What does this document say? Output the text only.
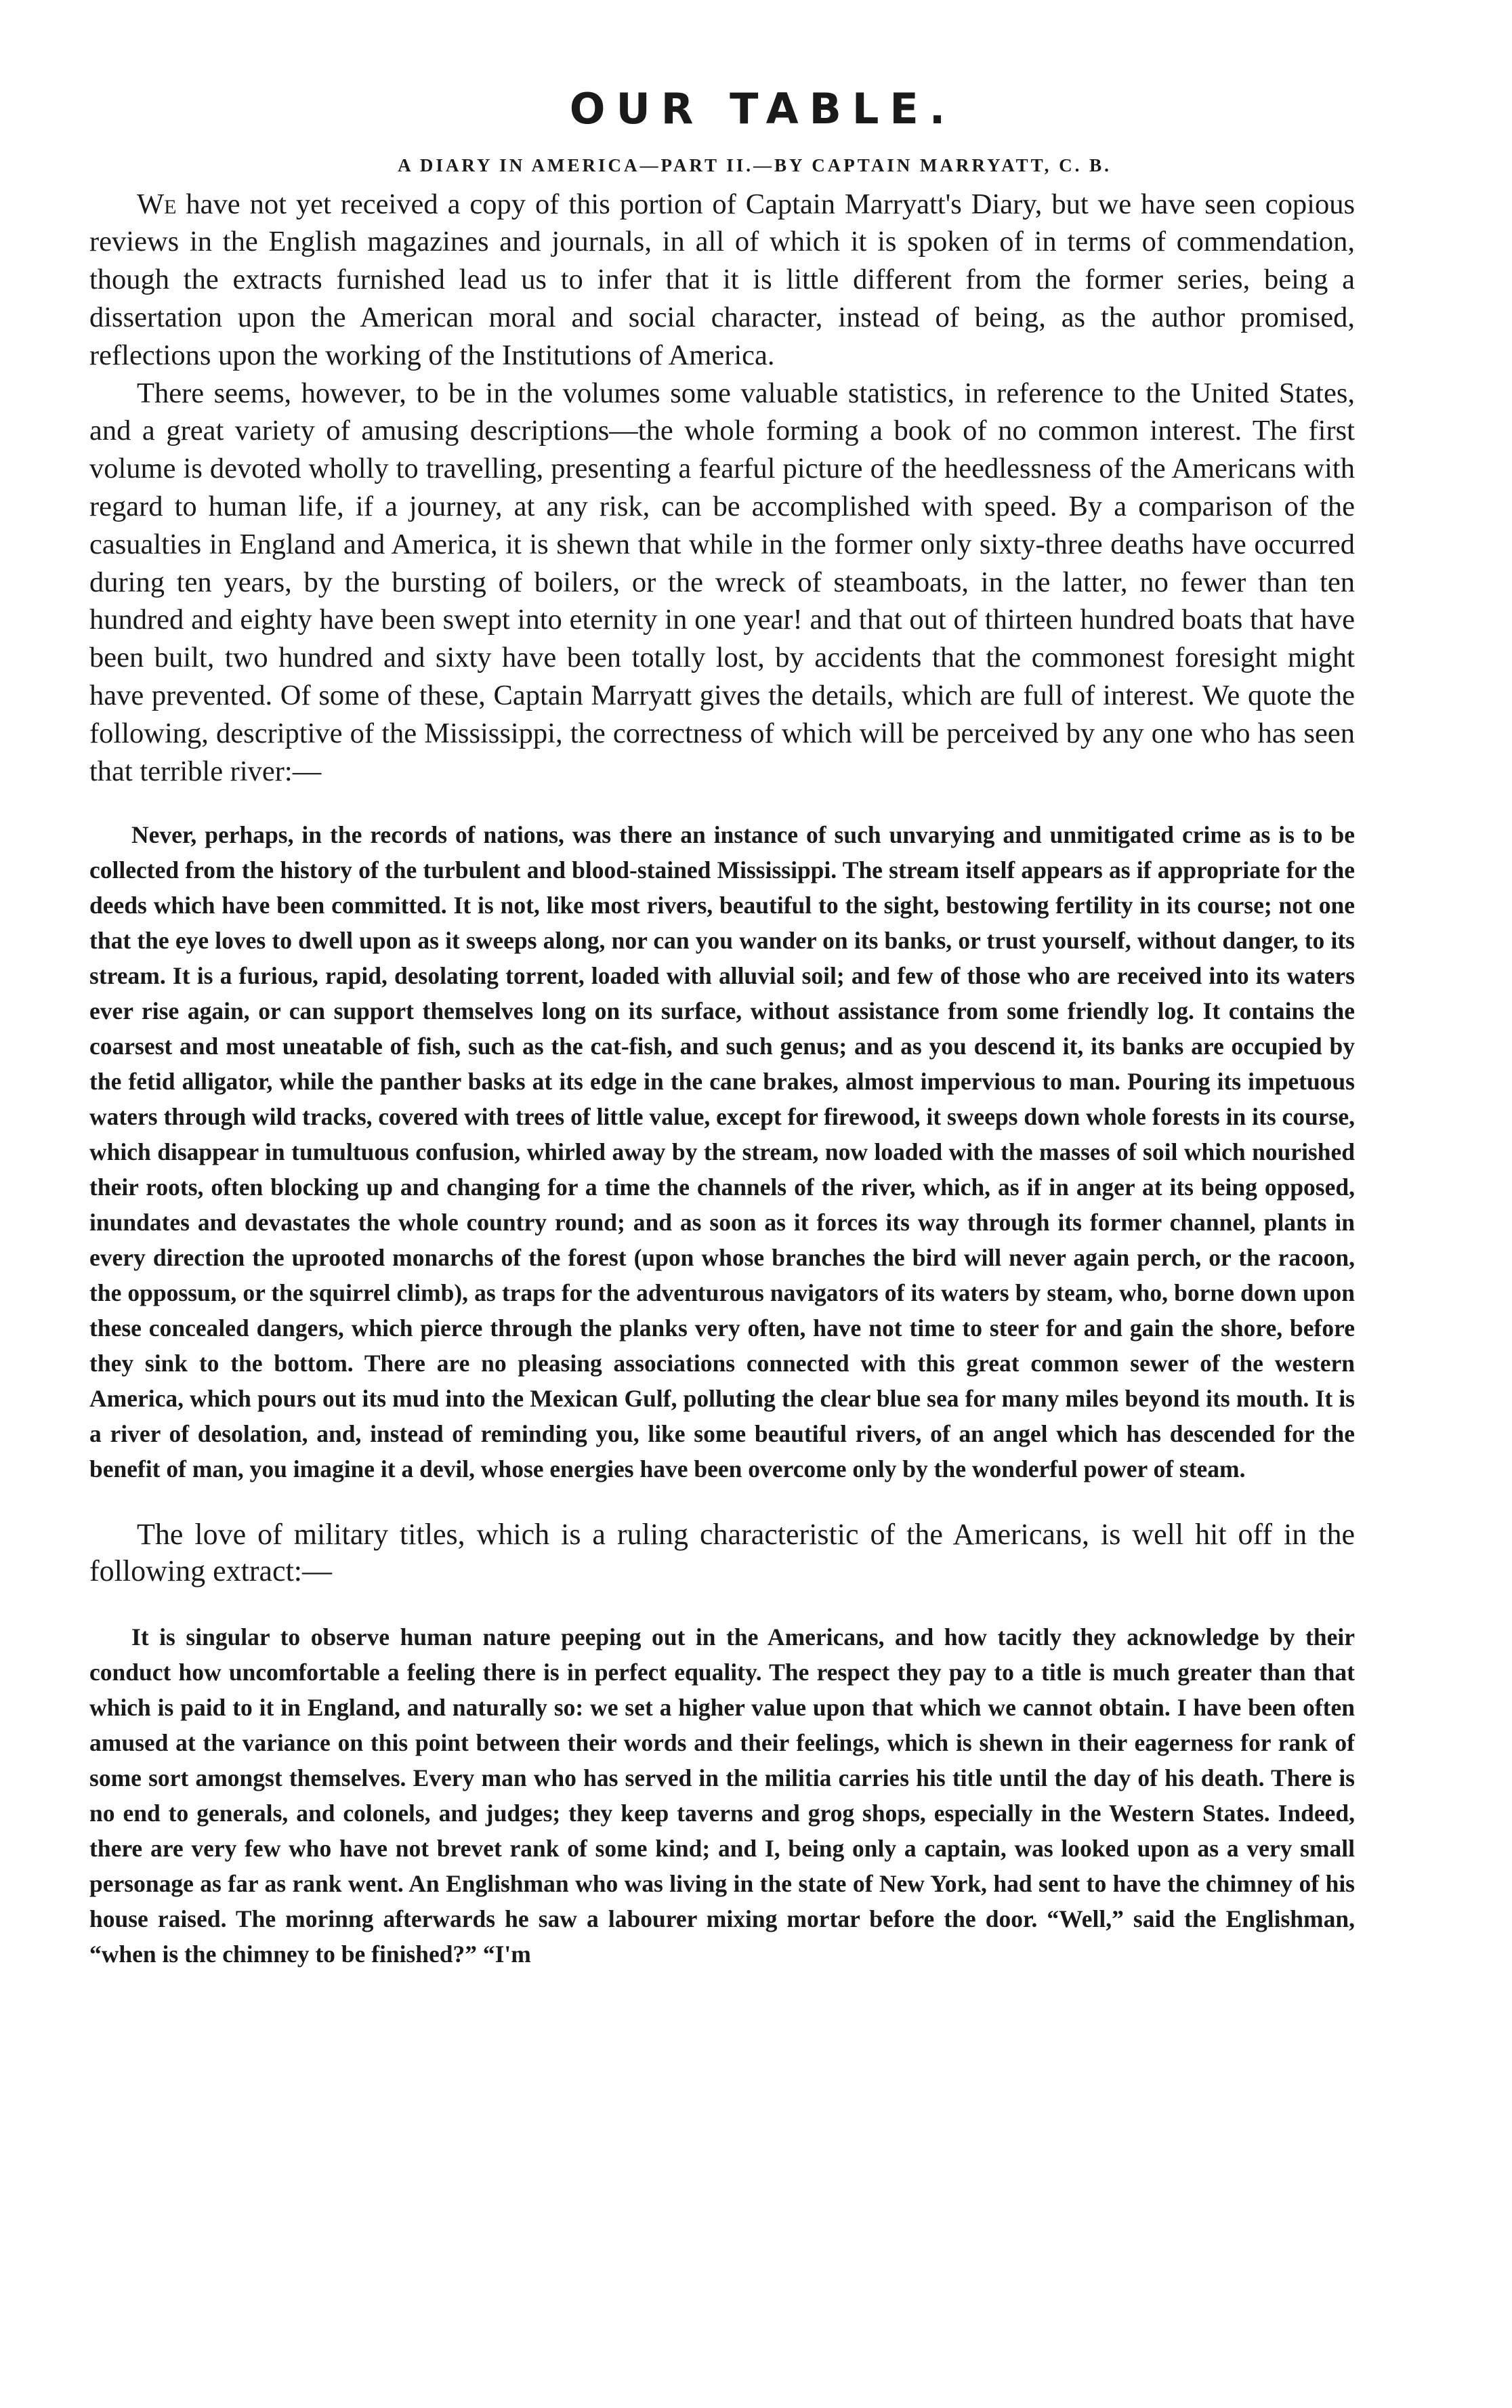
OUR TABLE.
A DIARY IN AMERICA—PART II.—BY CAPTAIN MARRYATT, C. B.

We have not yet received a copy of this portion of Captain Marryatt's Diary, but we have seen copious reviews in the English magazines and journals, in all of which it is spoken of in terms of commendation, though the extracts furnished lead us to infer that it is little different from the former series, being a dissertation upon the American moral and social character, instead of being, as the author promised, reflections upon the working of the Institutions of America.

There seems, however, to be in the volumes some valuable statistics, in reference to the United States, and a great variety of amusing descriptions—the whole forming a book of no common interest. The first volume is devoted wholly to travelling, presenting a fearful picture of the heedlessness of the Americans with regard to human life, if a journey, at any risk, can be accomplished with speed. By a comparison of the casualties in England and America, it is shewn that while in the former only sixty-three deaths have occurred during ten years, by the bursting of boilers, or the wreck of steamboats, in the latter, no fewer than ten hundred and eighty have been swept into eternity in one year! and that out of thirteen hundred boats that have been built, two hundred and sixty have been totally lost, by accidents that the commonest foresight might have prevented. Of some of these, Captain Marryatt gives the details, which are full of interest. We quote the following, descriptive of the Mississippi, the correctness of which will be perceived by any one who has seen that terrible river:—

Never, perhaps, in the records of nations, was there an instance of such unvarying and unmitigated crime as is to be collected from the history of the turbulent and blood-stained Mississippi. The stream itself appears as if appropriate for the deeds which have been committed. It is not, like most rivers, beautiful to the sight, bestowing fertility in its course; not one that the eye loves to dwell upon as it sweeps along, nor can you wander on its banks, or trust yourself, without danger, to its stream. It is a furious, rapid, desolating torrent, loaded with alluvial soil; and few of those who are received into its waters ever rise again, or can support themselves long on its surface, without assistance from some friendly log. It contains the coarsest and most uneatable of fish, such as the cat-fish, and such genus; and as you descend it, its banks are occupied by the fetid alligator, while the panther basks at its edge in the cane brakes, almost impervious to man. Pouring its impetuous waters through wild tracks, covered with trees of little value, except for firewood, it sweeps down whole forests in its course, which disappear in tumultuous confusion, whirled away by the stream, now loaded with the masses of soil which nourished their roots, often blocking up and changing for a time the channels of the river, which, as if in anger at its being opposed, inundates and devastates the whole country round; and as soon as it forces its way through its former channel, plants in every direction the uprooted monarchs of the forest (upon whose branches the bird will never again perch, or the racoon, the oppossum, or the squirrel climb), as traps for the adventurous navigators of its waters by steam, who, borne down upon these concealed dangers, which pierce through the planks very often, have not time to steer for and gain the shore, before they sink to the bottom. There are no pleasing associations connected with this great common sewer of the western America, which pours out its mud into the Mexican Gulf, polluting the clear blue sea for many miles beyond its mouth. It is a river of desolation, and, instead of reminding you, like some beautiful rivers, of an angel which has descended for the benefit of man, you imagine it a devil, whose energies have been overcome only by the wonderful power of steam.

The love of military titles, which is a ruling characteristic of the Americans, is well hit off in the following extract:—

It is singular to observe human nature peeping out in the Americans, and how tacitly they acknowledge by their conduct how uncomfortable a feeling there is in perfect equality. The respect they pay to a title is much greater than that which is paid to it in England, and naturally so: we set a higher value upon that which we cannot obtain. I have been often amused at the variance on this point between their words and their feelings, which is shewn in their eagerness for rank of some sort amongst themselves. Every man who has served in the militia carries his title until the day of his death. There is no end to generals, and colonels, and judges; they keep taverns and grog shops, especially in the Western States. Indeed, there are very few who have not brevet rank of some kind; and I, being only a captain, was looked upon as a very small personage as far as rank went. An Englishman who was living in the state of New York, had sent to have the chimney of his house raised. The morinng afterwards he saw a labourer mixing mortar before the door. “Well,” said the Englishman, “when is the chimney to be finished?” “I'm
